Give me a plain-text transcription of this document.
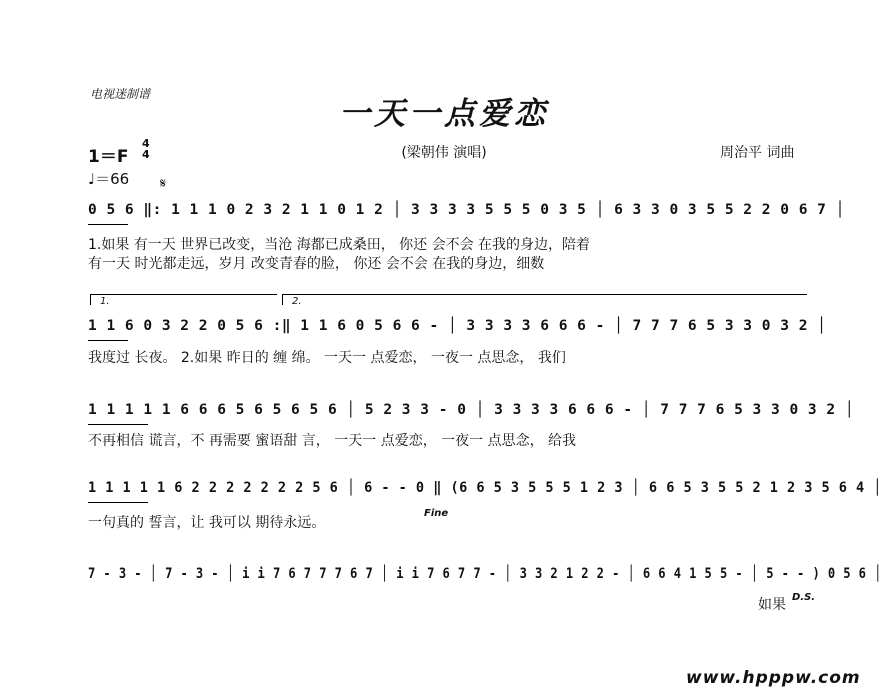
电视迷制谱
一天一点爱恋
(梁朝伟 演唱)	周治平 词曲
1＝F
4
4
♩＝66 𝄋
0 5 6 ‖: 1 1 1 0 2 3 2 1 1 0 1 2 │ 3 3 3 3 5 5 5 0 3 5 │ 6 3 3 0 3 5 5 2 2 0 6 7 │
1.如果 有一天 世界已改变，当沧 海都已成桑田， 你还 会不会 在我的身边，陪着
有一天 时光都走远，岁月 改变青春的脸， 你还 会不会 在我的身边，细数
1.	2.
1 1 6 0 3 2 2 0 5 6 :‖ 1 1 6 0 5 6 6 - │ 3 3 3 3 6 6 6 - │ 7 7 7 6 5 3 3 0 3 2 │
我度过 长夜。 2.如果 昨日的 缠 绵。 一天一 点爱恋， 一夜一 点思念， 我们
1 1 1 1 1 6 6 6 5 6 5 6 5 6 │ 5 2 3 3 - 0 │ 3 3 3 3 6 6 6 - │ 7 7 7 6 5 3 3 0 3 2 │
不再相信 谎言，不 再需要 蜜语甜 言， 一天一 点爱恋， 一夜一 点思念， 给我
1 1 1 1 1 6 2 2 2 2 2 2 2 5 6 │ 6 - - 0 ‖ (6 6 5 3 5 5 5 1 2 3 │ 6 6 5 3 5 5 2 1 2 3 5 6 4 │
一句真的 誓言，让 我可以 期待永远。
Fine
7 - 3 - │ 7 - 3 - │ i i 7 6 7 7 7 6 7 │ i i 7 6 7 7 - │ 3 3 2 1 2 2 - │ 6 6 4 1 5 5 - │ 5 - - ) 0 5 6 │
如果 D.S.
www.hpppw.com
